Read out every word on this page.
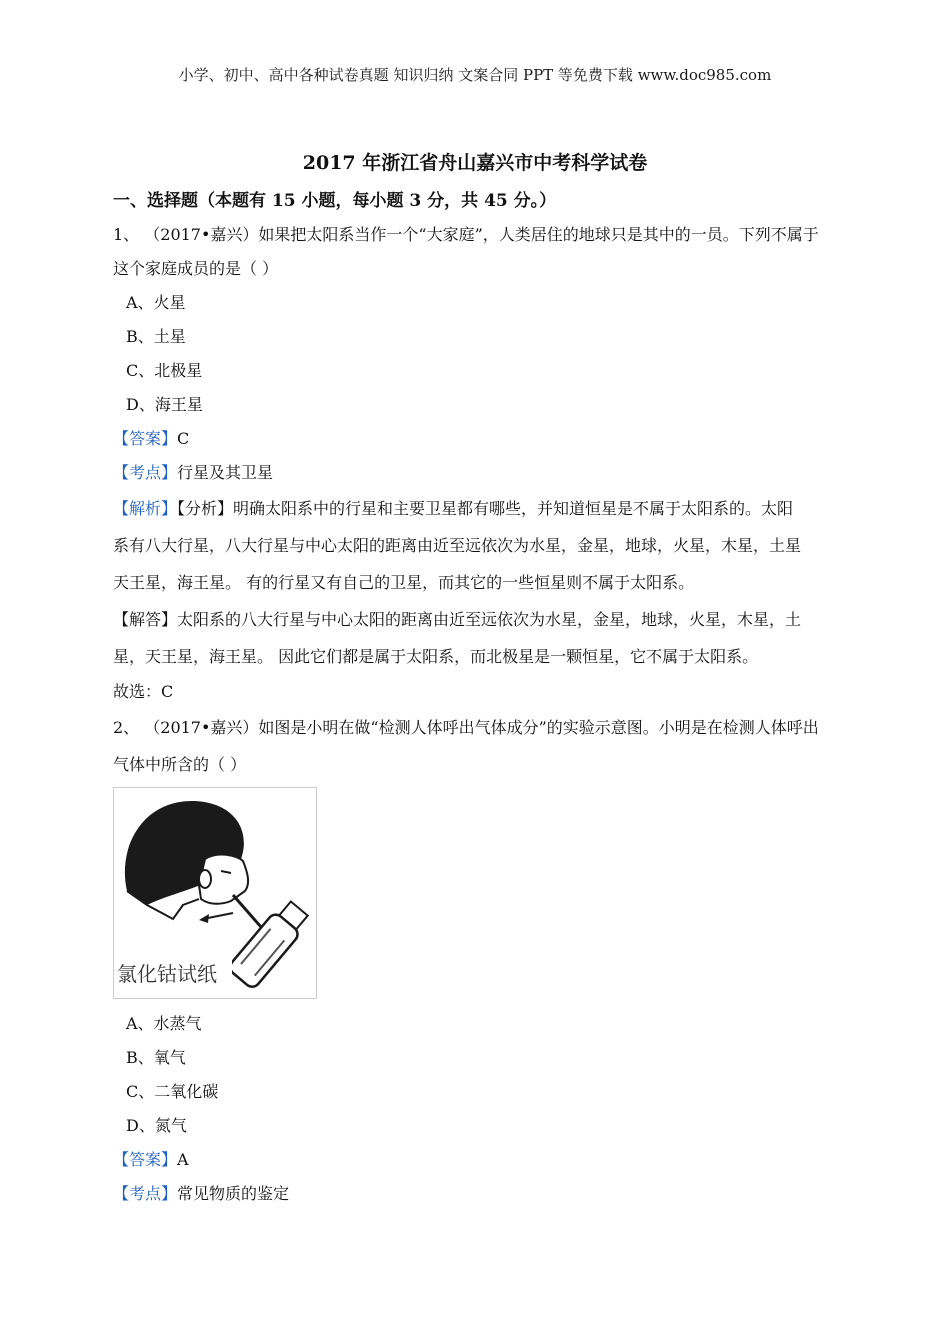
小学、初中、高中各种试卷真题 知识归纳 文案合同 PPT 等免费下载 www.doc985.com
2017 年浙江省舟山嘉兴市中考科学试卷
一、选择题（本题有 15 小题，每小题 3 分，共 45 分。）
1、 （2017•嘉兴）如果把太阳系当作一个“大家庭”，人类居住的地球只是其中的一员。下列不属于
这个家庭成员的是（ ）
A、火星
B、土星
C、北极星
D、海王星
【答案】C
【考点】行星及其卫星
【解析】【分析】明确太阳系中的行星和主要卫星都有哪些，并知道恒星是不属于太阳系的。太阳
系有八大行星，八大行星与中心太阳的距离由近至远依次为水星，金星，地球，火星，木星，土星
天王星，海王星。 有的行星又有自己的卫星，而其它的一些恒星则不属于太阳系。
【解答】太阳系的八大行星与中心太阳的距离由近至远依次为水星，金星，地球，火星，木星，土
星，天王星，海王星。 因此它们都是属于太阳系，而北极星是一颗恒星，它不属于太阳系。
故选：C
2、 （2017•嘉兴）如图是小明在做“检测人体呼出气体成分”的实验示意图。小明是在检测人体呼出
气体中所含的（ ）
氯化钴试纸
A、水蒸气
B、氧气
C、二氧化碳
D、氮气
【答案】A
【考点】常见物质的鉴定
